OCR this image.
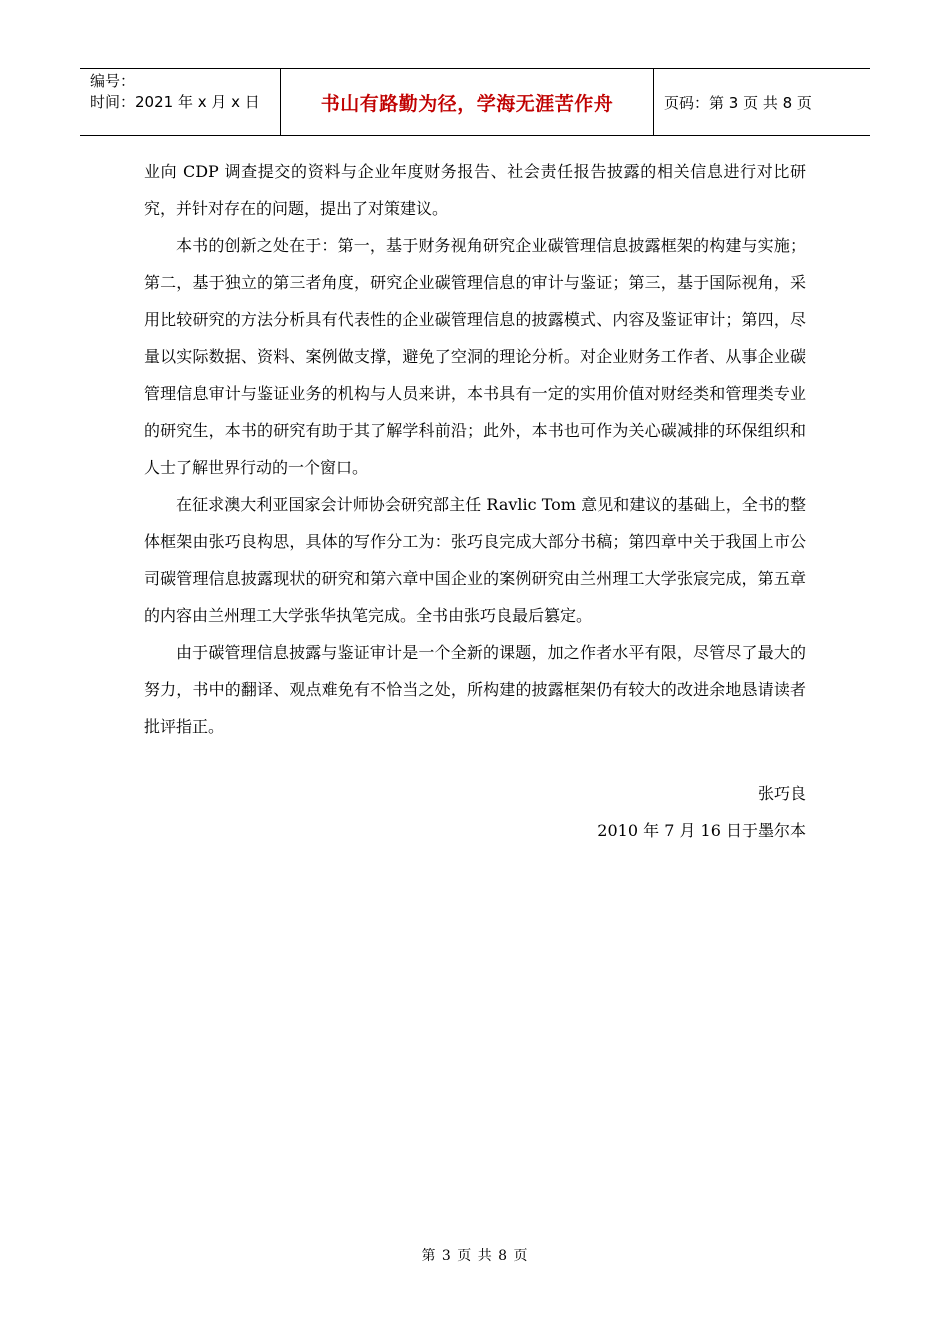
编号：
时间：2021 年 x 月 x 日	书山有路勤为径，学海无涯苦作舟	页码：第 3 页 共 8 页

业向 CDP 调查提交的资料与企业年度财务报告、社会责任报告披露的相关信息进行对比研究，并针对存在的问题，提出了对策建议。

本书的创新之处在于：第一，基于财务视角研究企业碳管理信息披露框架的构建与实施；第二，基于独立的第三者角度，研究企业碳管理信息的审计与鉴证；第三，基于国际视角，采用比较研究的方法分析具有代表性的企业碳管理信息的披露模式、内容及鉴证审计；第四，尽量以实际数据、资料、案例做支撑，避免了空洞的理论分析。对企业财务工作者、从事企业碳管理信息审计与鉴证业务的机构与人员来讲，本书具有一定的实用价值对财经类和管理类专业的研究生，本书的研究有助于其了解学科前沿；此外，本书也可作为关心碳减排的环保组织和人士了解世界行动的一个窗口。

在征求澳大利亚国家会计师协会研究部主任 Ravlic Tom 意见和建议的基础上，全书的整体框架由张巧良构思，具体的写作分工为：张巧良完成大部分书稿；第四章中关于我国上市公司碳管理信息披露现状的研究和第六章中国企业的案例研究由兰州理工大学张宸完成，第五章的内容由兰州理工大学张华执笔完成。全书由张巧良最后篡定。

由于碳管理信息披露与鉴证审计是一个全新的课题，加之作者水平有限，尽管尽了最大的努力，书中的翻译、观点难免有不恰当之处，所构建的披露框架仍有较大的改进余地恳请读者批评指正。

张巧良
2010 年 7 月 16 日于墨尔本
第 3 页 共 8 页
